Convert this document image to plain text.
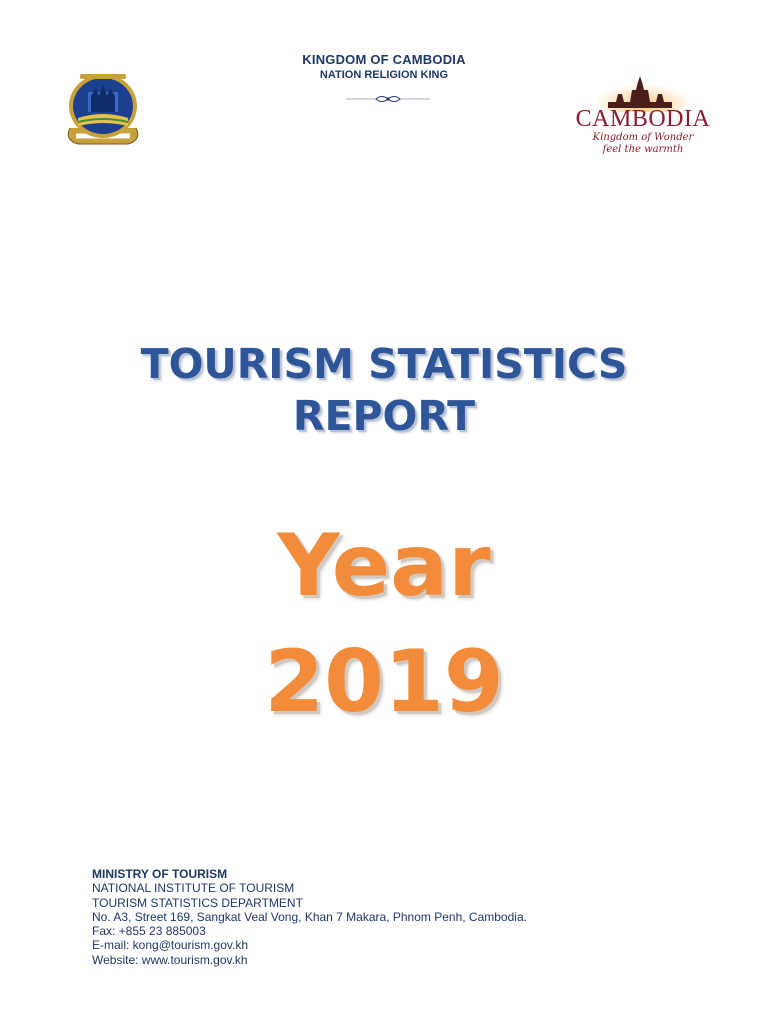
KINGDOM OF CAMBODIA
NATION RELIGION KING
CAMBODIA
Kingdom of Wonder
feel the warmth
TOURISM STATISTICS
REPORT
Year
2019
MINISTRY OF TOURISM
NATIONAL INSTITUTE OF TOURISM
TOURISM STATISTICS DEPARTMENT
No. A3, Street 169, Sangkat Veal Vong, Khan 7 Makara, Phnom Penh, Cambodia.
Fax: +855 23 885003
E-mail: kong@tourism.gov.kh
Website: www.tourism.gov.kh
